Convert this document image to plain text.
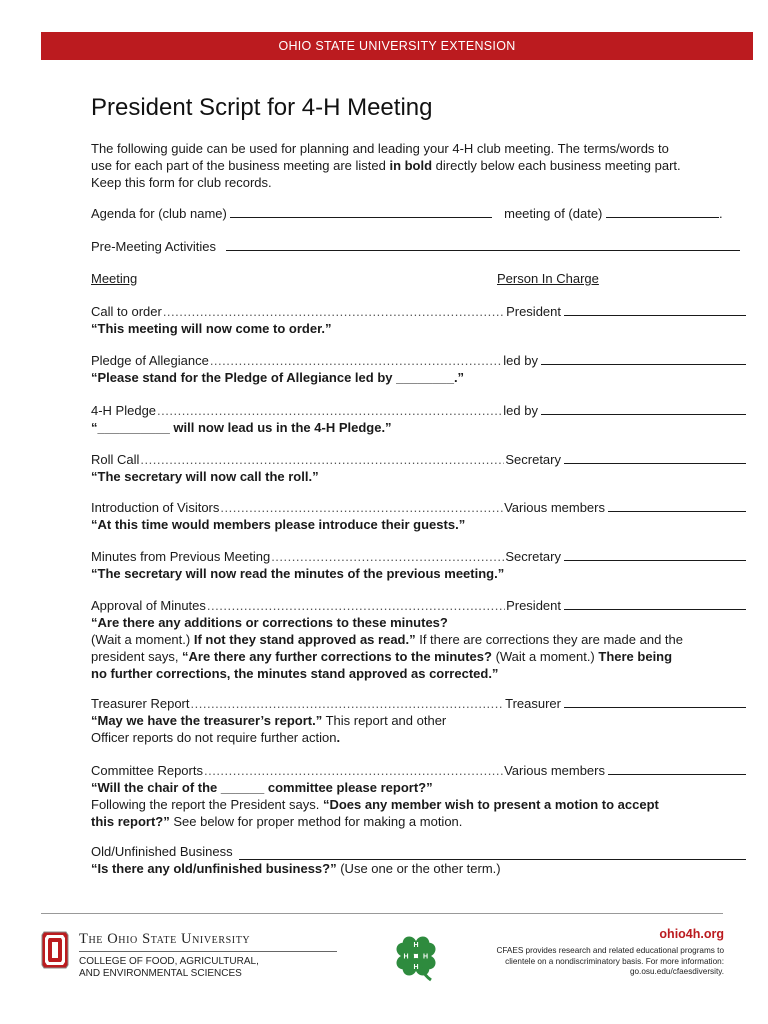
OHIO STATE UNIVERSITY EXTENSION
President Script for 4-H Meeting

The following guide can be used for planning and leading your 4-H club meeting. The terms/words to use for each part of the business meeting are listed in bold directly below each business meeting part. Keep this form for club records.

Agenda for (club name)	meeting of (date)	.
Pre-Meeting Activities
Meeting	Person In Charge
Call to order .....	President
“This meeting will now come to order.”
Pledge of Allegiance .....	led by
“Please stand for the Pledge of Allegiance led by ________.”
4-H Pledge .....	led by
“__________ will now lead us in the 4-H Pledge.”
Roll Call .....	Secretary
“The secretary will now call the roll.”
Introduction of Visitors .....	Various members
“At this time would members please introduce their guests.”
Minutes from Previous Meeting .....	Secretary
“The secretary will now read the minutes of the previous meeting.”
Approval of Minutes .....	President
“Are there any additions or corrections to these minutes?
(Wait a moment.) If not they stand approved as read.” If there are corrections they are made and the president says, “Are there any further corrections to the minutes? (Wait a moment.) There being no further corrections, the minutes stand approved as corrected.”
Treasurer Report .....	Treasurer
“May we have the treasurer’s report.” This report and other
Officer reports do not require further action.
Committee Reports .....	Various members
“Will the chair of the ______ committee please report?”
Following the report the President says. “Does any member wish to present a motion to accept this report?” See below for proper method for making a motion.
Old/Unfinished Business
“Is there any old/unfinished business?” (Use one or the other term.)
The Ohio State University
COLLEGE OF FOOD, AGRICULTURAL,
AND ENVIRONMENTAL SCIENCES
H
H
H
H
ohio4h.org
CFAES provides research and related educational programs to clientele on a nondiscriminatory basis. For more information: go.osu.edu/cfaesdiversity.
